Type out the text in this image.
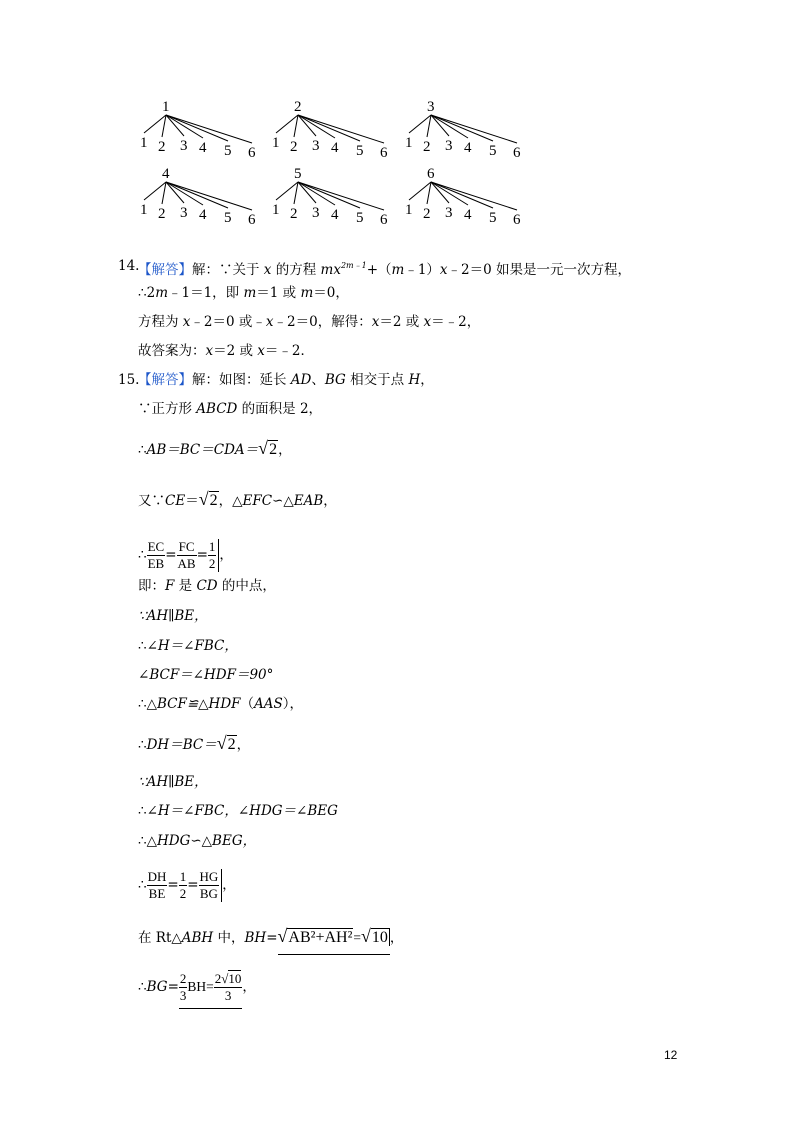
1
1 2 3 4 5 6
2
1 2 3 4 5 6
3
1 2 3 4 5 6
4
1 2 3 4 5 6
5
1 2 3 4 5 6
6
1 2 3 4 5 6
14.
【解答】解：∵关于 x 的方程 $mx^{2m﹣1}+(m﹣1)x﹣2=0$ 如果是一元一次方程，
∴2m﹣1＝1，即 m＝1 或 m＝0，
方程为 x﹣2＝0 或﹣x﹣2＝0，解得：x＝2 或 x＝﹣2，
故答案为：x＝2 或 x＝﹣2．
15.
【解答】解：如图：延长 AD、BG 相交于点 H，
∵正方形 ABCD 的面积是 2，
∴AB＝BC＝CDA＝√2，
又∵CE＝√2，△EFC∽△EAB，
∴ $\frac{EC}{EB} = \frac{FC}{AB} = \frac{1}{2}$ ，
即：F 是 CD 的中点，
∵AH∥BE，
∴∠H＝∠FBC，
∠BCF＝∠HDF＝90°
∴△BCF≌△HDF（AAS），
∴DH＝BC＝√2，
∵AH∥BE，
∴∠H＝∠FBC，∠HDG＝∠BEG
∴△HDG∽△BEG，
∴ $\frac{DH}{BE} = \frac{1}{2} = \frac{HG}{BG}$ ，
在 Rt△ABH 中，BH=√AB²+AH²=√10 ，
∴BG= $\frac{2}{3} BH= \frac{2√10}{3}$ ，
12
